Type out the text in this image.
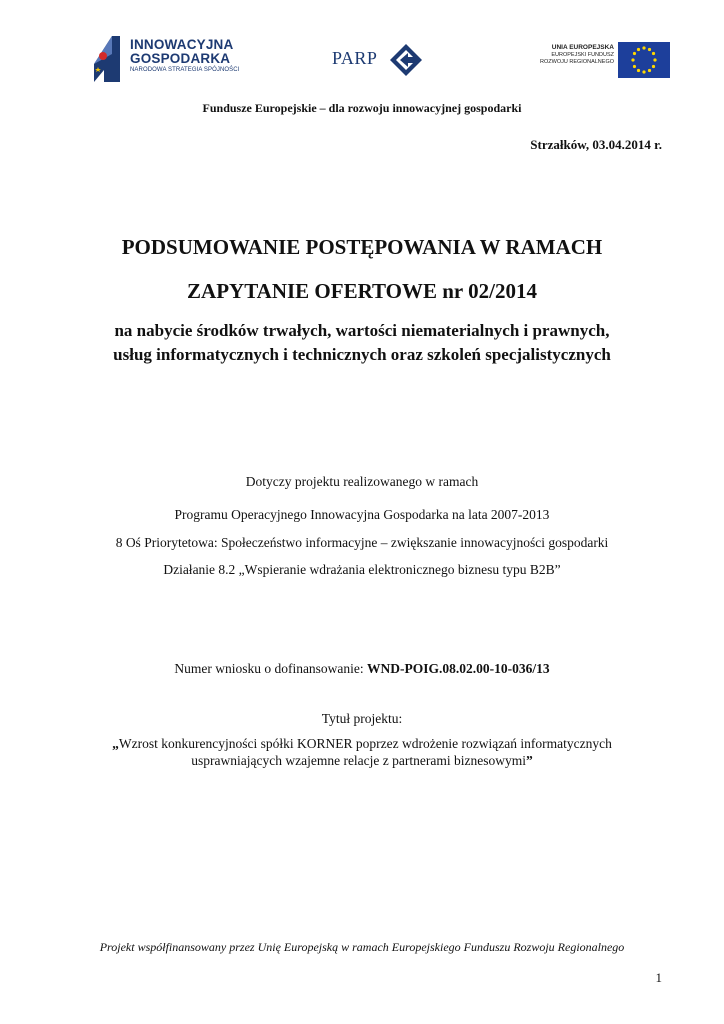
INNOWACYJNA
GOSPODARKA
NARODOWA STRATEGIA SPÓJNOŚCI
PARP
UNIA EUROPEJSKA
EUROPEJSKI FUNDUSZ
ROZWOJU REGIONALNEGO
Fundusze Europejskie – dla rozwoju innowacyjnej gospodarki
Strzałków, 03.04.2014 r.
PODSUMOWANIE POSTĘPOWANIA W RAMACH
ZAPYTANIE OFERTOWE nr 02/2014
na nabycie środków trwałych, wartości niematerialnych i prawnych,
usług informatycznych i technicznych oraz szkoleń specjalistycznych
Dotyczy projektu realizowanego w ramach
Programu Operacyjnego Innowacyjna Gospodarka na lata 2007-2013
8 Oś Priorytetowa: Społeczeństwo informacyjne – zwiększanie innowacyjności gospodarki
Działanie 8.2 „Wspieranie wdrażania elektronicznego biznesu typu B2B”
Numer wniosku o dofinansowanie: WND-POIG.08.02.00-10-036/13
Tytuł projektu:
„Wzrost konkurencyjności spółki KORNER poprzez wdrożenie rozwiązań informatycznych
usprawniających wzajemne relacje z partnerami biznesowymi”
Projekt współfinansowany przez Unię Europejską w ramach Europejskiego Funduszu Rozwoju Regionalnego
1
